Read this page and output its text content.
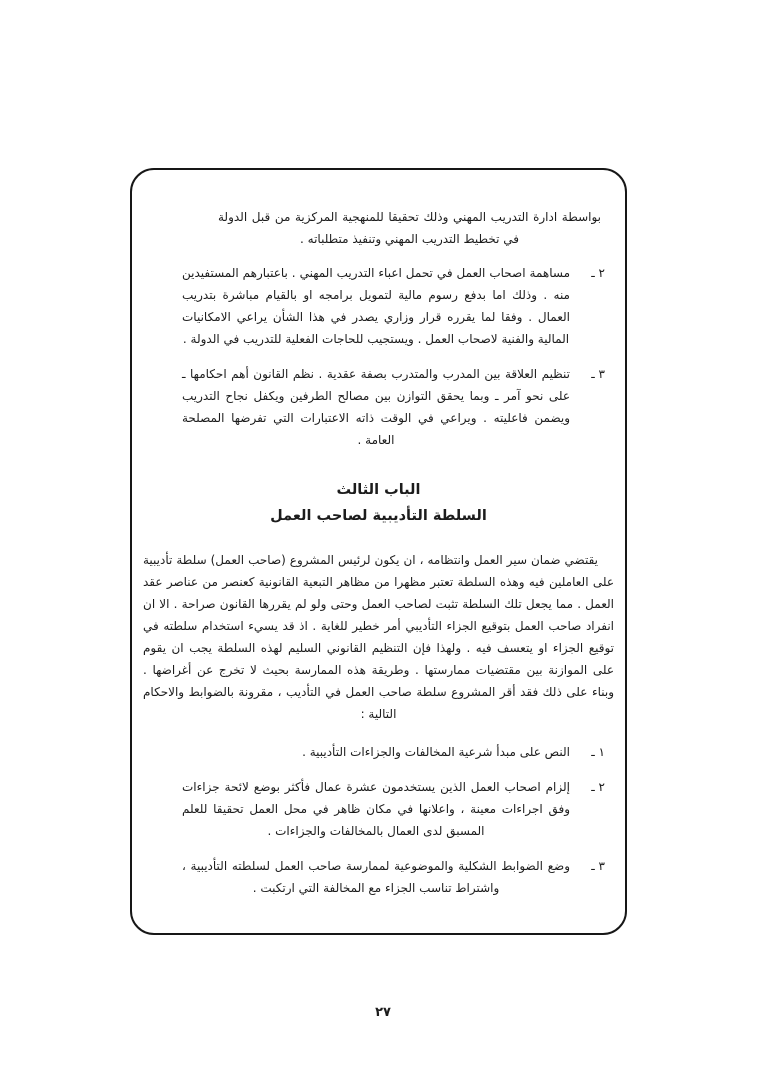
بواسطة ادارة التدريب المهني وذلك تحقيقا للمنهجية المركزية من قبل الدولة في تخطيط التدريب المهني وتنفيذ متطلباته .

٢ ـ
مساهمة اصحاب العمل في تحمل اعباء التدريب المهني . باعتبارهم المستفيدين منه . وذلك اما بدفع رسوم مالية لتمويل برامجه او بالقيام مباشرة بتدريب العمال . وفقا لما يقرره قرار وزاري يصدر في هذا الشأن يراعي الامكانيات المالية والفنية لاصحاب العمل . ويستجيب للحاجات الفعلية للتدريب في الدولة .
٣ ـ
تنظيم العلاقة بين المدرب والمتدرب بصفة عقدية . نظم القانون أهم احكامها ـ على نحو آمر ـ وبما يحقق التوازن بين مصالح الطرفين ويكفل نجاح التدريب ويضمن فاعليته . ويراعي في الوقت ذاته الاعتبارات التي تفرضها المصلحة العامة .
الباب الثالث
السلطة التأديبية لصاحب العمل

يقتضي ضمان سير العمل وانتظامه ، ان يكون لرئيس المشروع (صاحب العمل) سلطة تأديبية على العاملين فيه وهذه السلطة تعتبر مظهرا من مظاهر التبعية القانونية كعنصر من عناصر عقد العمل . مما يجعل تلك السلطة تثبت لصاحب العمل وحتى ولو لم يقررها القانون صراحة . الا ان انفراد صاحب العمل بتوقيع الجزاء التأديبي أمر خطير للغاية . اذ قد يسيء استخدام سلطته في توقيع الجزاء او يتعسف فيه . ولهذا فإن التنظيم القانوني السليم لهذه السلطة يجب ان يقوم على الموازنة بين مقتضيات ممارستها . وطريقة هذه الممارسة بحيث لا تخرج عن أغراضها . وبناء على ذلك فقد أقر المشروع سلطة صاحب العمل في التأديب ، مقرونة بالضوابط والاحكام التالية :

١ ـ
النص على مبدأ شرعية المخالفات والجزاءات التأديبية .
٢ ـ
إلزام اصحاب العمل الذين يستخدمون عشرة عمال فأكثر بوضع لائحة جزاءات وفق اجراءات معينة ، واعلانها في مكان ظاهر في محل العمل تحقيقا للعلم المسبق لدى العمال بالمخالفات والجزاءات .
٣ ـ
وضع الضوابط الشكلية والموضوعية لممارسة صاحب العمل لسلطته التأديبية ، واشتراط تناسب الجزاء مع المخالفة التي ارتكبت .
٢٧
